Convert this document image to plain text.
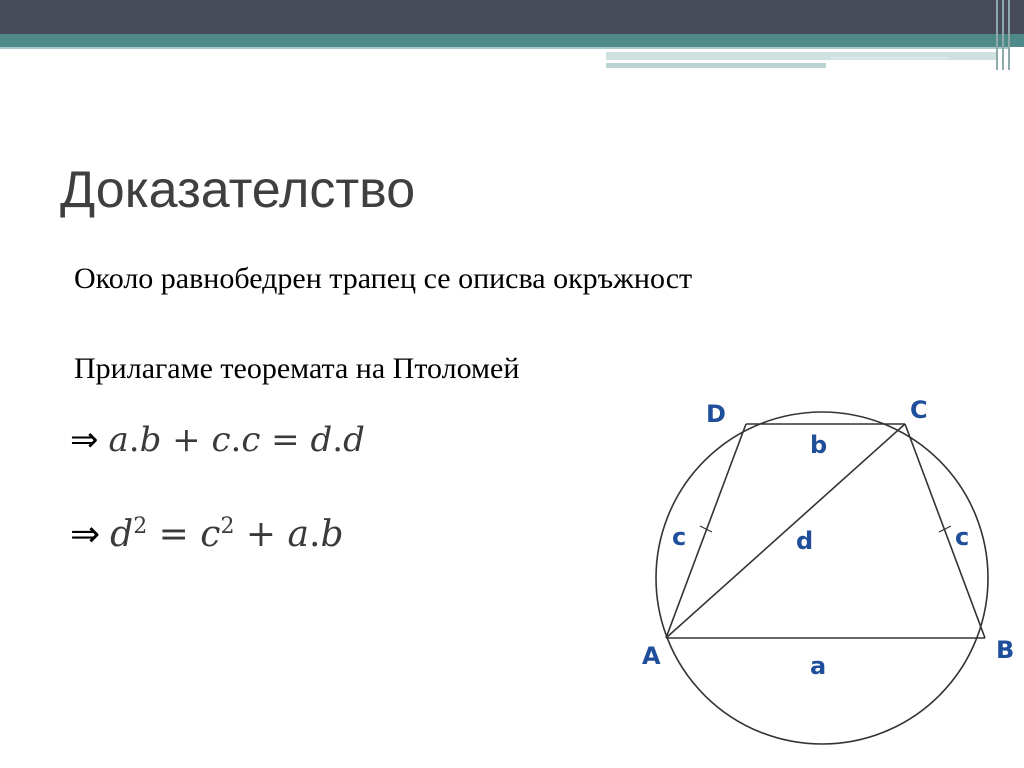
Доказателство
Около равнобедрен трапец се описва окръжност
Прилагаме теоремата на Птоломей
⇒ a.b + c.c = d.d
⇒ $d^2 = c^2 + a.b$
D	C
A	B
b
a
c	c
d
